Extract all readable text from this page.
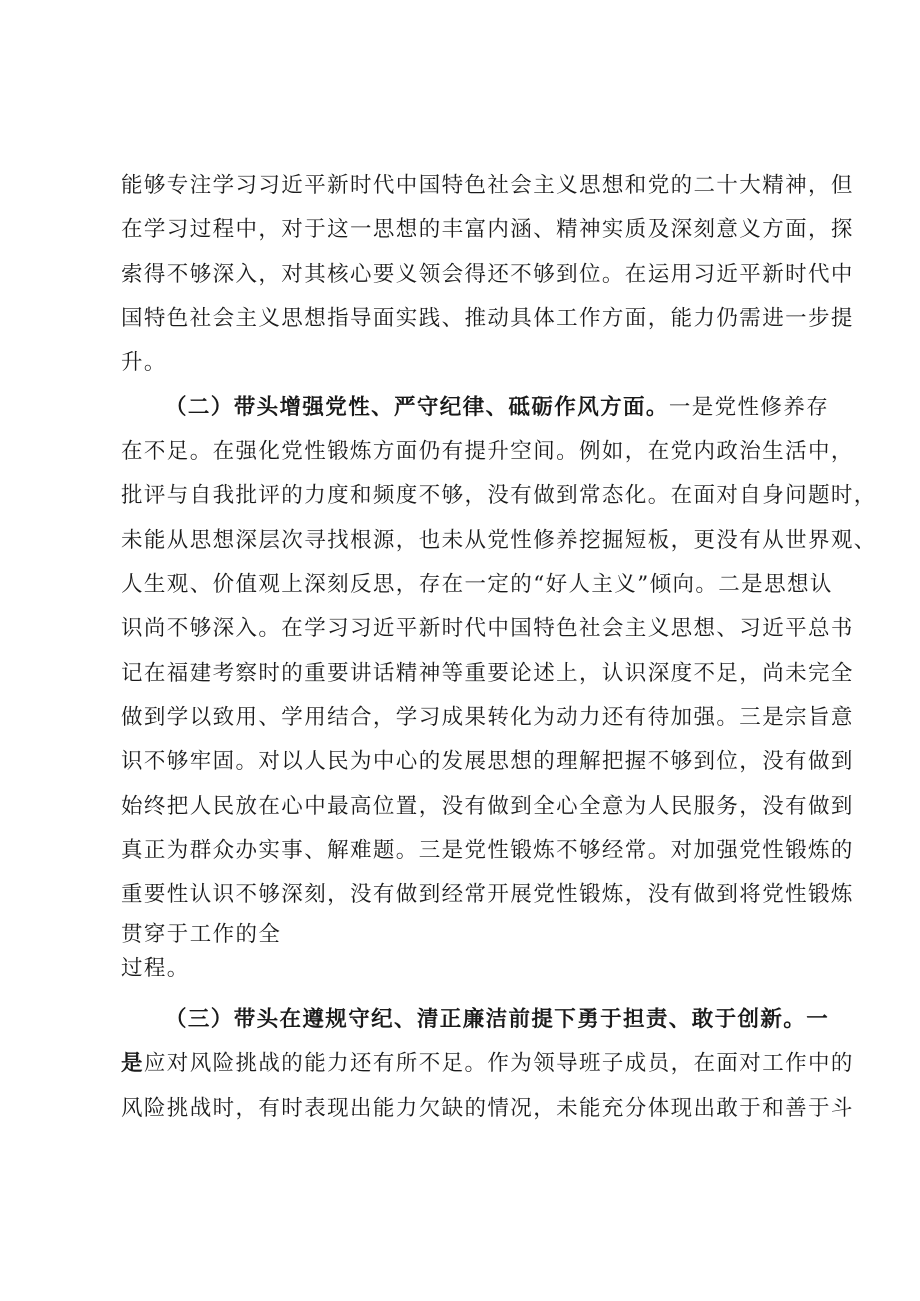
能够专注学习习近平新时代中国特色社会主义思想和党的二十大精神，但
在学习过程中，对于这一思想的丰富内涵、精神实质及深刻意义方面，探
索得不够深入，对其核心要义领会得还不够到位。在运用习近平新时代中
国特色社会主义思想指导面实践、推动具体工作方面，能力仍需进一步提
升。
（二）带头增强党性、严守纪律、砥砺作风方面。一是党性修养存
在不足。在强化党性锻炼方面仍有提升空间。例如，在党内政治生活中，
批评与自我批评的力度和频度不够，没有做到常态化。在面对自身问题时，
未能从思想深层次寻找根源，也未从党性修养挖掘短板，更没有从世界观、
人生观、价值观上深刻反思，存在一定的“好人主义”倾向。二是思想认
识尚不够深入。在学习习近平新时代中国特色社会主义思想、习近平总书
记在福建考察时的重要讲话精神等重要论述上，认识深度不足，尚未完全
做到学以致用、学用结合，学习成果转化为动力还有待加强。三是宗旨意
识不够牢固。对以人民为中心的发展思想的理解把握不够到位，没有做到
始终把人民放在心中最高位置，没有做到全心全意为人民服务，没有做到
真正为群众办实事、解难题。三是党性锻炼不够经常。对加强党性锻炼的
重要性认识不够深刻，没有做到经常开展党性锻炼，没有做到将党性锻炼
贯穿于工作的全
过程。
（三）带头在遵规守纪、清正廉洁前提下勇于担责、敢于创新。一
是应对风险挑战的能力还有所不足。作为领导班子成员，在面对工作中的
风险挑战时，有时表现出能力欠缺的情况，未能充分体现出敢于和善于斗
